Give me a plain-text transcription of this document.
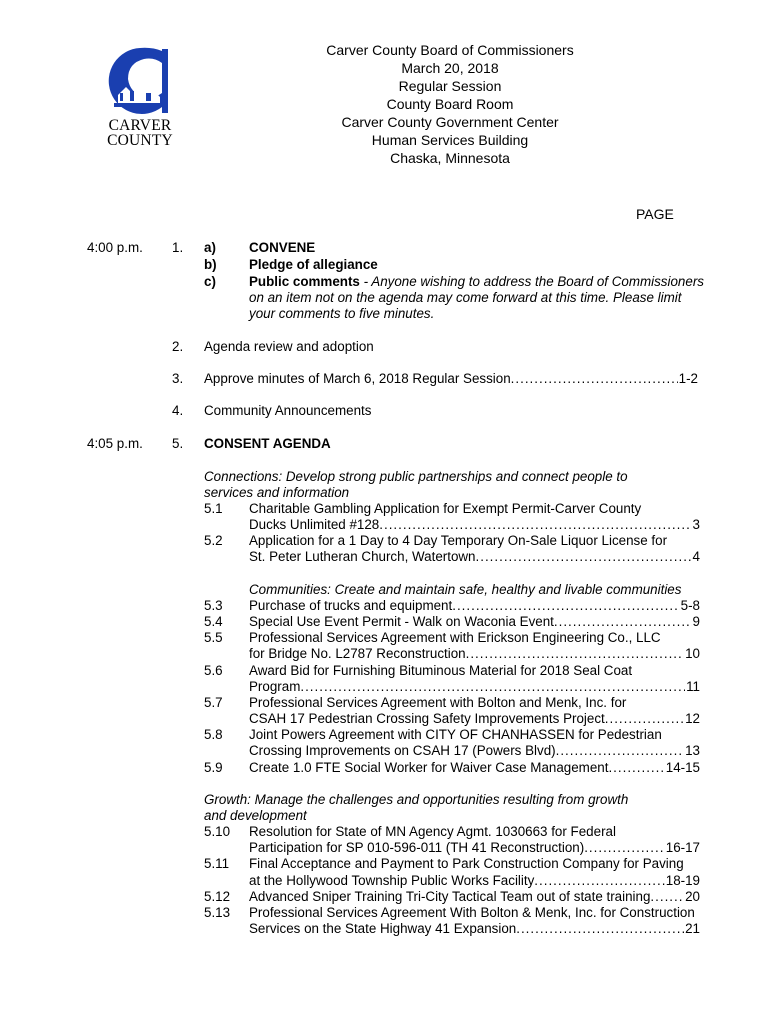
CARVER
COUNTY
Carver County Board of Commissioners
March 20, 2018
Regular Session
County Board Room
Carver County Government Center
Human Services Building
Chaska, Minnesota
PAGE
4:00 p.m. 1. a) CONVENE
b) Pledge of allegiance
c) Public comments - Anyone wishing to address the Board of Commissioners
on an item not on the agenda may come forward at this time. Please limit
your comments to five minutes.
2. Agenda review and adoption
3. Approve minutes of March 6, 2018 Regular Session .....	1-2
4. Community Announcements
4:05 p.m. 5. CONSENT AGENDA
Connections: Develop strong public partnerships and connect people to
services and information
5.1 Charitable Gambling Application for Exempt Permit-Carver County
Ducks Unlimited #128 .....	3
5.2 Application for a 1 Day to 4 Day Temporary On-Sale Liquor License for
St. Peter Lutheran Church, Watertown .....	4
Communities: Create and maintain safe, healthy and livable communities
5.3 Purchase of trucks and equipment .....	5-8
5.4 Special Use Event Permit - Walk on Waconia Event .....	9
5.5 Professional Services Agreement with Erickson Engineering Co., LLC
for Bridge No. L2787 Reconstruction .....	10
5.6 Award Bid for Furnishing Bituminous Material for 2018 Seal Coat
Program .....	11
5.7 Professional Services Agreement with Bolton and Menk, Inc. for
CSAH 17 Pedestrian Crossing Safety Improvements Project .....	12
5.8 Joint Powers Agreement with CITY OF CHANHASSEN for Pedestrian
Crossing Improvements on CSAH 17 (Powers Blvd) .....	13
5.9 Create 1.0 FTE Social Worker for Waiver Case Management .....	14-15
Growth: Manage the challenges and opportunities resulting from growth
and development
5.10 Resolution for State of MN Agency Agmt. 1030663 for Federal
Participation for SP 010-596-011 (TH 41 Reconstruction) .....	16-17
5.11 Final Acceptance and Payment to Park Construction Company for Paving
at the Hollywood Township Public Works Facility .....	18-19
5.12 Advanced Sniper Training Tri-City Tactical Team out of state training .....	20
5.13 Professional Services Agreement With Bolton & Menk, Inc. for Construction
Services on the State Highway 41 Expansion .....	21
